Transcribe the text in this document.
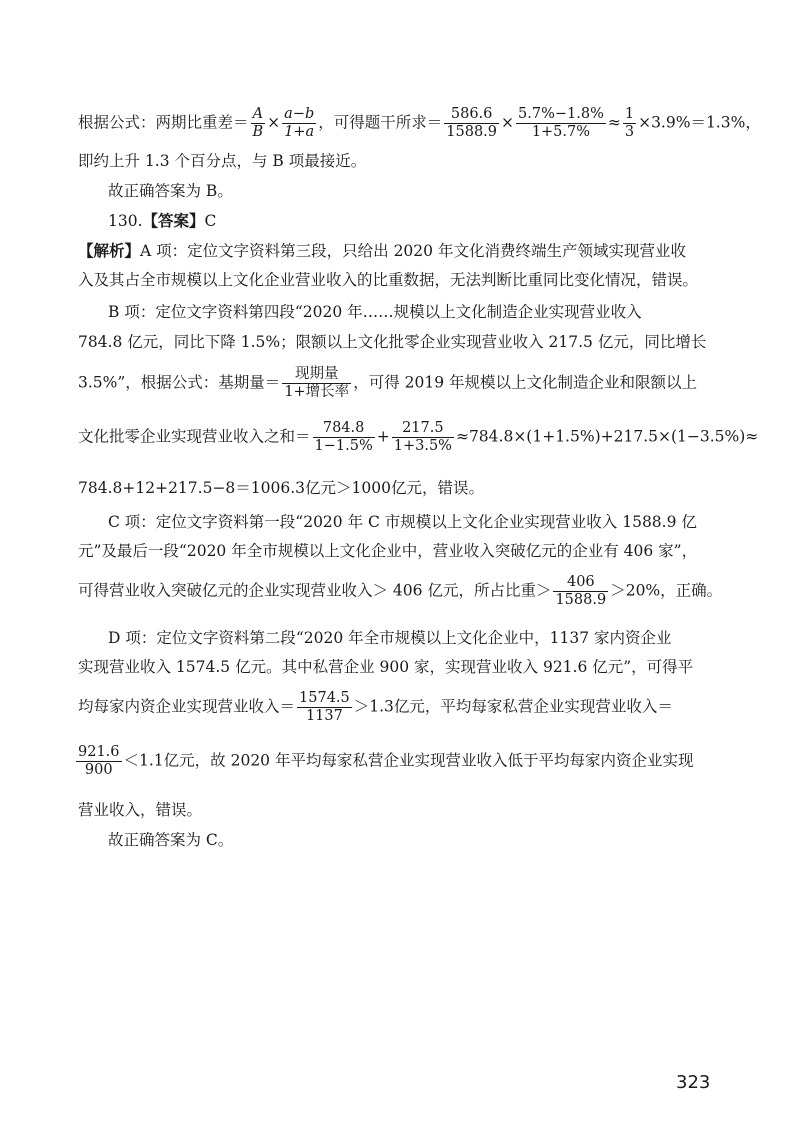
根据公式：两期比重差＝ $\frac{A}{B} \times \frac{a-b}{1+a}$ ，可得题干所求＝ $\frac{586.6}{1588.9} \times \frac{5.7\%-1.8\%}{1+5.7\%} \approx \frac{1}{3} \times 3.9\%=1.3\%$，
即约上升 1.3 个百分点，与 B 项最接近。
故正确答案为 B。
130.【答案】C
【解析】A 项：定位文字资料第三段，只给出 2020 年文化消费终端生产领域实现营业收
入及其占全市规模以上文化企业营业收入的比重数据，无法判断比重同比变化情况，错误。
B 项：定位文字资料第四段“2020 年……规模以上文化制造企业实现营业收入
784.8 亿元，同比下降 1.5%；限额以上文化批零企业实现营业收入 217.5 亿元，同比增长
3.5%”，根据公式：基期量＝ $\frac{\text{现期量}}{\text{1+增长率}}$ ，可得 2019 年规模以上文化制造企业和限额以上
文化批零企业实现营业收入之和＝ $\frac{784.8}{1-1.5\%} + \frac{217.5}{1+3.5\%} \approx 784.8\times(1+1.5\%)+217.5\times(1-3.5\%)\approx$
784.8+12+217.5−8＝1006.3亿元＞1000亿元，错误。
C 项：定位文字资料第一段“2020 年 C 市规模以上文化企业实现营业收入 1588.9 亿
元”及最后一段“2020 年全市规模以上文化企业中，营业收入突破亿元的企业有 406 家”，
可得营业收入突破亿元的企业实现营业收入＞ 406 亿元，所占比重＞ $\frac{406}{1588.9} >20\%$，正确。
D 项：定位文字资料第二段“2020 年全市规模以上文化企业中，1137 家内资企业
实现营业收入 1574.5 亿元。其中私营企业 900 家，实现营业收入 921.6 亿元”，可得平
均每家内资企业实现营业收入＝ $\frac{1574.5}{1137} >1.3$亿元，平均每家私营企业实现营业收入＝
$\frac{921.6}{900} <1.1$亿元，故 2020 年平均每家私营企业实现营业收入低于平均每家内资企业实现
营业收入，错误。
故正确答案为 C。
323
